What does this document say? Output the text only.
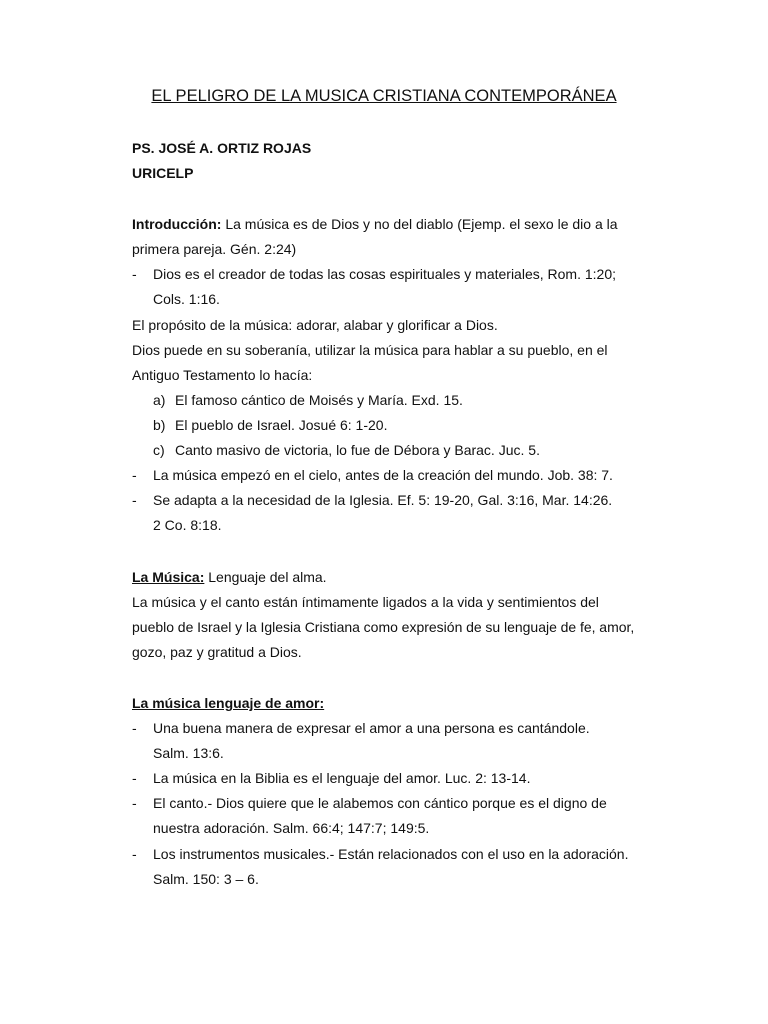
EL PELIGRO DE LA MUSICA CRISTIANA CONTEMPORÁNEA
PS. JOSÉ A. ORTIZ ROJAS
URICELP
Introducción: La música es de Dios y no del diablo (Ejemp. el sexo le dio a la
primera pareja. Gén. 2:24)
- Dios es el creador de todas las cosas espirituales y materiales, Rom. 1:20;
Cols. 1:16.
El propósito de la música: adorar, alabar y glorificar a Dios.
Dios puede en su soberanía, utilizar la música para hablar a su pueblo, en el
Antiguo Testamento lo hacía:
a) El famoso cántico de Moisés y María. Exd. 15.
b) El pueblo de Israel. Josué 6: 1-20.
c) Canto masivo de victoria, lo fue de Débora y Barac. Juc. 5.
- La música empezó en el cielo, antes de la creación del mundo. Job. 38: 7.
- Se adapta a la necesidad de la Iglesia. Ef. 5: 19-20, Gal. 3:16, Mar. 14:26.
2 Co. 8:18.
La Música: Lenguaje del alma.
La música y el canto están íntimamente ligados a la vida y sentimientos del
pueblo de Israel y la Iglesia Cristiana como expresión de su lenguaje de fe, amor,
gozo, paz y gratitud a Dios.
La música lenguaje de amor:
- Una buena manera de expresar el amor a una persona es cantándole.
Salm. 13:6.
- La música en la Biblia es el lenguaje del amor. Luc. 2: 13-14.
- El canto.- Dios quiere que le alabemos con cántico porque es el digno de
nuestra adoración. Salm. 66:4; 147:7; 149:5.
- Los instrumentos musicales.- Están relacionados con el uso en la adoración.
Salm. 150: 3 – 6.
